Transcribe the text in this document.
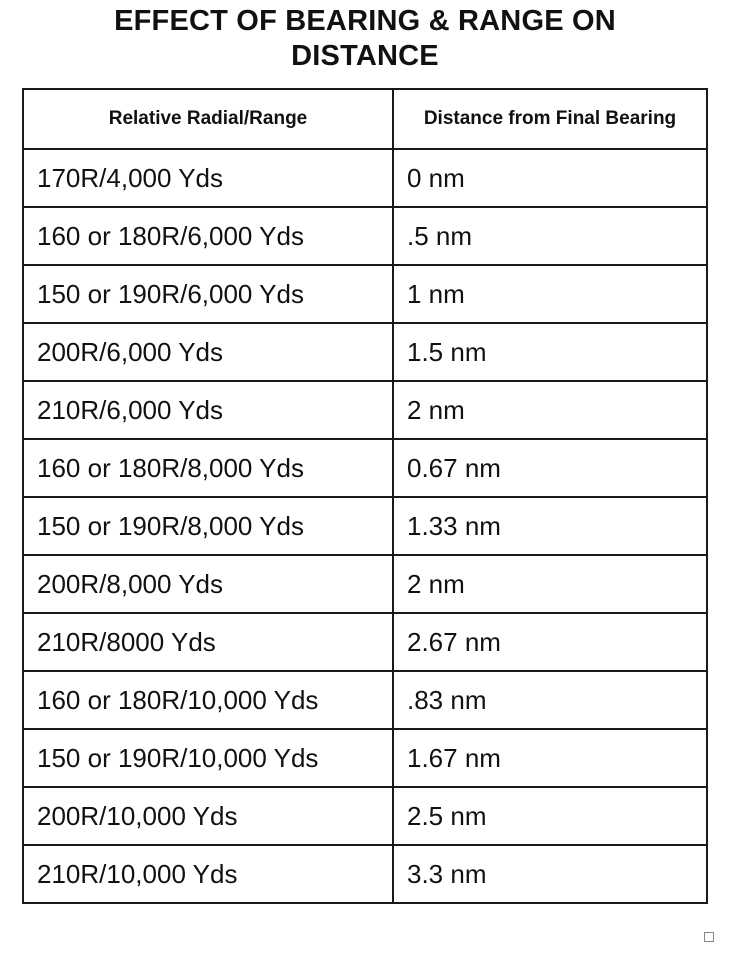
EFFECT OF BEARING & RANGE ON
DISTANCE
Relative Radial/Range	Distance from Final Bearing
170R/4,000 Yds	0 nm
160 or 180R/6,000 Yds	.5 nm
150 or 190R/6,000 Yds	1 nm
200R/6,000 Yds	1.5 nm
210R/6,000 Yds	2 nm
160 or 180R/8,000 Yds	0.67 nm
150 or 190R/8,000 Yds	1.33 nm
200R/8,000 Yds	2 nm
210R/8000 Yds	2.67 nm
160 or 180R/10,000 Yds	.83 nm
150 or 190R/10,000 Yds	1.67 nm
200R/10,000 Yds	2.5 nm
210R/10,000 Yds	3.3 nm
